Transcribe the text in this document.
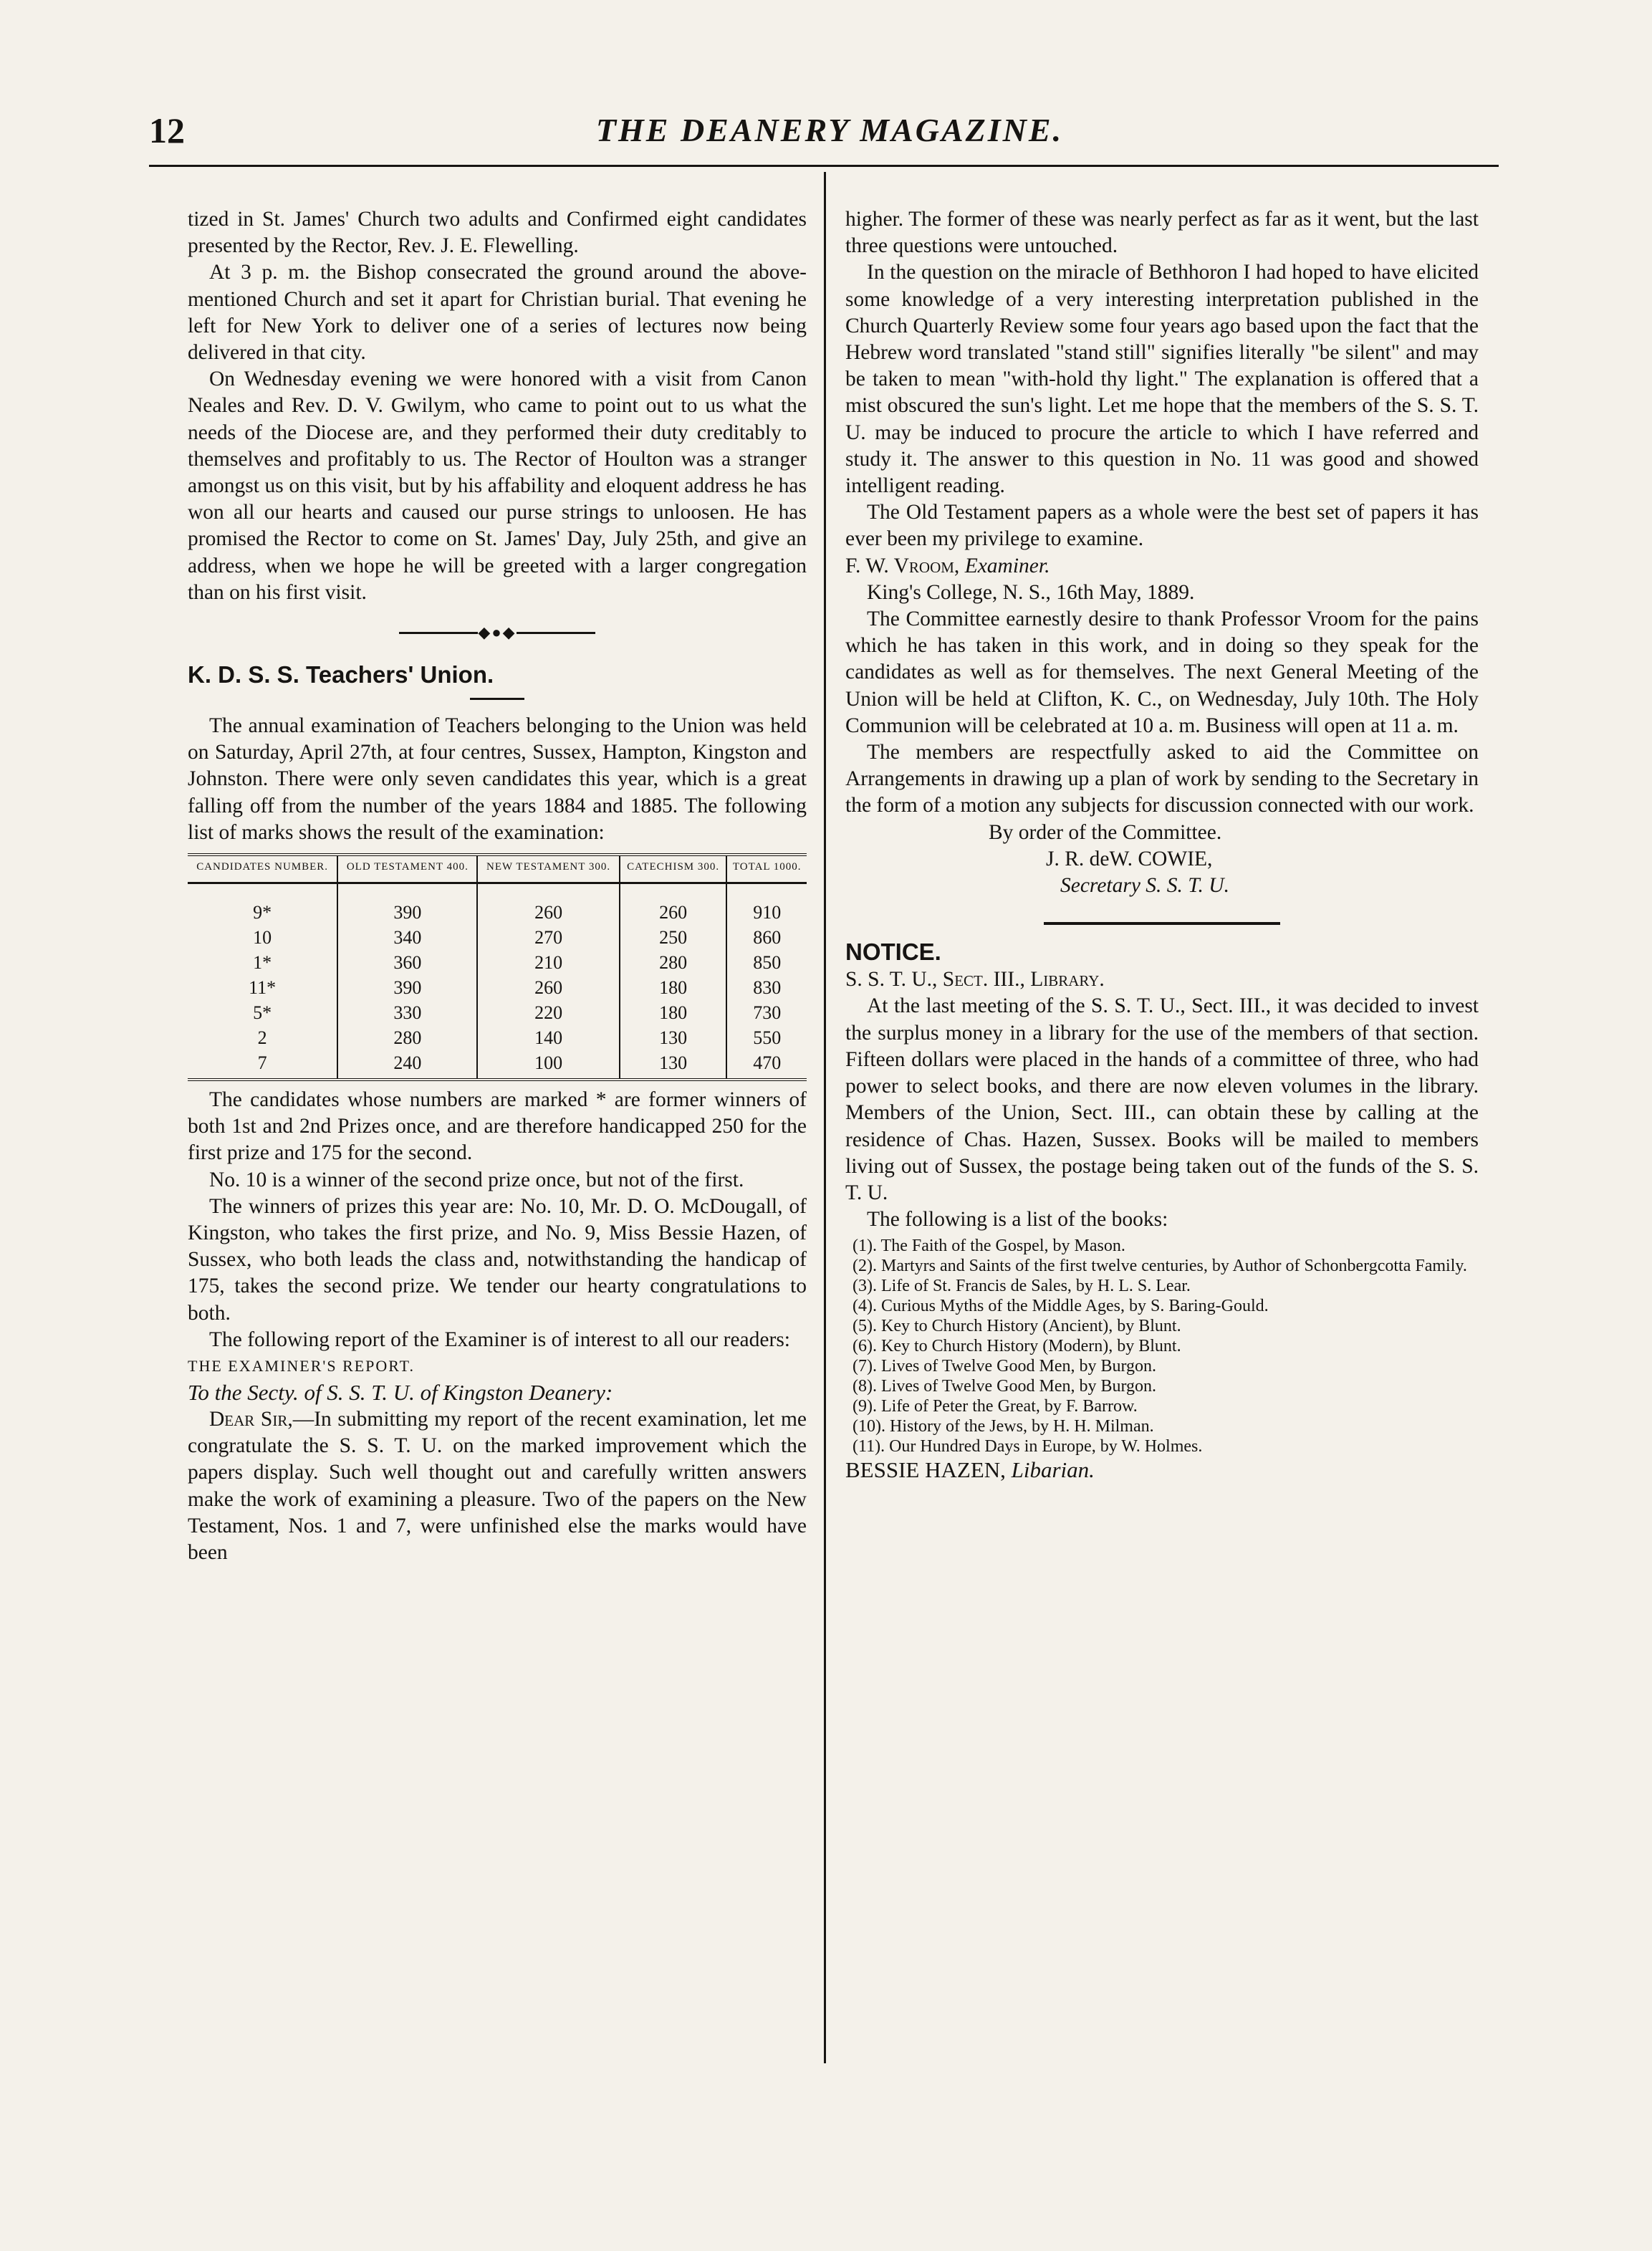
12	THE DEANERY MAGAZINE.

tized in St. James' Church two adults and Confirmed eight candidates presented by the Rector, Rev. J. E. Flewelling.

At 3 p. m. the Bishop consecrated the ground around the above-mentioned Church and set it apart for Christian burial. That evening he left for New York to deliver one of a series of lectures now being delivered in that city.

On Wednesday evening we were honored with a visit from Canon Neales and Rev. D. V. Gwilym, who came to point out to us what the needs of the Diocese are, and they performed their duty creditably to themselves and profitably to us. The Rector of Houlton was a stranger amongst us on this visit, but by his affability and eloquent address he has won all our hearts and caused our purse strings to unloosen. He has promised the Rector to come on St. James' Day, July 25th, and give an address, when we hope he will be greeted with a larger congregation than on his first visit.

◆●◆

K. D. S. S. Teachers' Union.

The annual examination of Teachers belonging to the Union was held on Saturday, April 27th, at four centres, Sussex, Hampton, Kingston and Johnston. There were only seven candidates this year, which is a great falling off from the number of the years 1884 and 1885. The following list of marks shows the result of the examination:

CANDIDATES NUMBER.	OLD TESTAMENT 400.	NEW TESTAMENT 300.	CATECHISM 300.	TOTAL 1000.
9*	390	260	260	910
10	340	270	250	860
1*	360	210	280	850
11*	390	260	180	830
5*	330	220	180	730
2	280	140	130	550
7	240	100	130	470

The candidates whose numbers are marked * are former winners of both 1st and 2nd Prizes once, and are therefore handicapped 250 for the first prize and 175 for the second.

No. 10 is a winner of the second prize once, but not of the first.

The winners of prizes this year are: No. 10, Mr. D. O. McDougall, of Kingston, who takes the first prize, and No. 9, Miss Bessie Hazen, of Sussex, who both leads the class and, notwithstanding the handicap of 175, takes the second prize. We tender our hearty congratulations to both.

The following report of the Examiner is of interest to all our readers:

THE EXAMINER'S REPORT.

To the Secty. of S. S. T. U. of Kingston Deanery:

Dear Sir,—In submitting my report of the recent examination, let me congratulate the S. S. T. U. on the marked improvement which the papers display. Such well thought out and carefully written answers make the work of examining a pleasure. Two of the papers on the New Testament, Nos. 1 and 7, were unfinished else the marks would have been

higher. The former of these was nearly perfect as far as it went, but the last three questions were untouched.

In the question on the miracle of Bethhoron I had hoped to have elicited some knowledge of a very interesting interpretation published in the Church Quarterly Review some four years ago based upon the fact that the Hebrew word translated "stand still" signifies literally "be silent" and may be taken to mean "with-hold thy light." The explanation is offered that a mist obscured the sun's light. Let me hope that the members of the S. S. T. U. may be induced to procure the article to which I have referred and study it. The answer to this question in No. 11 was good and showed intelligent reading.

The Old Testament papers as a whole were the best set of papers it has ever been my privilege to examine.

F. W. Vroom, Examiner.

King's College, N. S., 16th May, 1889.

The Committee earnestly desire to thank Professor Vroom for the pains which he has taken in this work, and in doing so they speak for the candidates as well as for themselves. The next General Meeting of the Union will be held at Clifton, K. C., on Wednesday, July 10th. The Holy Communion will be celebrated at 10 a. m. Business will open at 11 a. m.

The members are respectfully asked to aid the Committee on Arrangements in drawing up a plan of work by sending to the Secretary in the form of a motion any subjects for discussion connected with our work.

By order of the Committee.

J. R. deW. COWIE,

Secretary S. S. T. U.

NOTICE.

S. S. T. U., Sect. III., Library.

At the last meeting of the S. S. T. U., Sect. III., it was decided to invest the surplus money in a library for the use of the members of that section. Fifteen dollars were placed in the hands of a committee of three, who had power to select books, and there are now eleven volumes in the library. Members of the Union, Sect. III., can obtain these by calling at the residence of Chas. Hazen, Sussex. Books will be mailed to members living out of Sussex, the postage being taken out of the funds of the S. S. T. U.

The following is a list of the books:

(1). The Faith of the Gospel, by Mason.
(2). Martyrs and Saints of the first twelve centuries, by Author of Schonbergcotta Family.
(3). Life of St. Francis de Sales, by H. L. S. Lear.
(4). Curious Myths of the Middle Ages, by S. Baring-Gould.
(5). Key to Church History (Ancient), by Blunt.
(6). Key to Church History (Modern), by Blunt.
(7). Lives of Twelve Good Men, by Burgon.
(8). Lives of Twelve Good Men, by Burgon.
(9). Life of Peter the Great, by F. Barrow.
(10). History of the Jews, by H. H. Milman.
(11). Our Hundred Days in Europe, by W. Holmes.

BESSIE HAZEN, Libarian.
